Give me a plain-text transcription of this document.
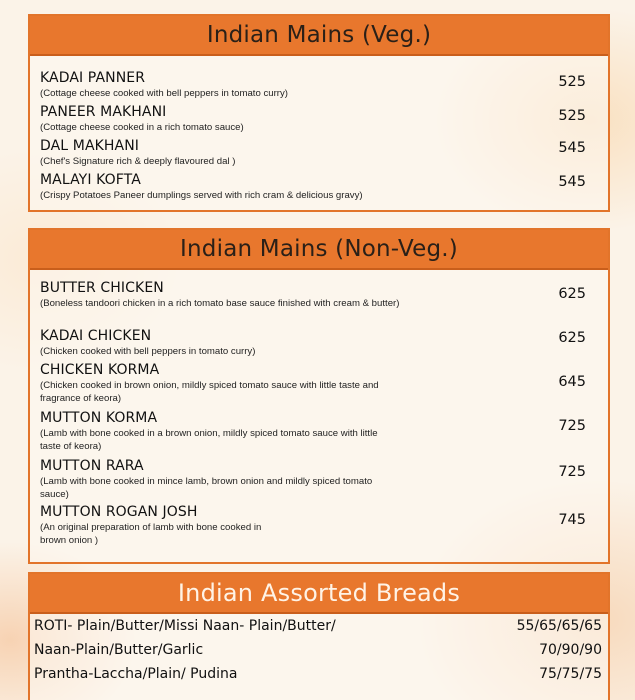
Indian Mains (Veg.)
KADAI PANNER
(Cottage cheese cooked with bell peppers in tomato curry)
525
PANEER MAKHANI
(Cottage cheese cooked in a rich tomato sauce)
525
DAL MAKHANI
(Chef's Signature rich & deeply flavoured dal )
545
MALAYI KOFTA
(Crispy Potatoes Paneer dumplings served with rich cram & delicious gravy)
545
Indian Mains (Non-Veg.)
BUTTER CHICKEN
(Boneless tandoori chicken in a rich tomato base sauce finished with cream & butter)
625
KADAI CHICKEN
(Chicken cooked with bell peppers in tomato curry)
625
CHICKEN KORMA
(Chicken cooked in brown onion, mildly spiced tomato sauce with little taste and fragrance of keora)
645
MUTTON KORMA
(Lamb with bone cooked in a brown onion, mildly spiced tomato sauce with little taste of keora)
725
MUTTON RARA
(Lamb with bone cooked in mince lamb, brown onion and mildly spiced tomato sauce)
725
MUTTON ROGAN JOSH
(An original preparation of lamb with bone cooked in brown onion )
745
Indian Assorted Breads
ROTI- Plain/Butter/Missi Naan- Plain/Butter/	55/65/65/65
Naan-Plain/Butter/Garlic	70/90/90
Prantha-Laccha/Plain/ Pudina	75/75/75
